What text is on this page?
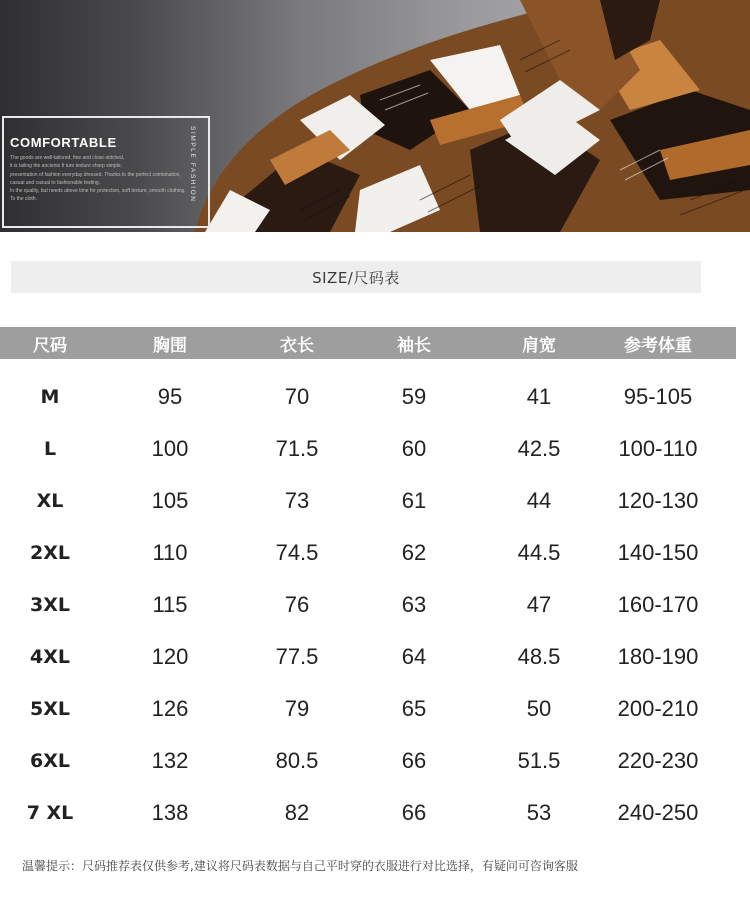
COMFORTABLE
The goods are well-tailored, fine and close-stitched,
it is tailing the ancients fi ture texture sharp simple,
presentation of fashion everyday dressed. Thanks to the perfect combination,
casual and casual to fashionable feeling.
In the quality, but needs above time for protection, soft texture, smooth clothing.
To the cloth.	SIMPLE FASHION

SIZE/尺码表
尺码	胸围	衣长	袖长	肩宽	参考体重
M	95	70	59	41	95-105
L	100	71.5	60	42.5	100-110
XL	105	73	61	44	120-130
2XL	110	74.5	62	44.5	140-150
3XL	115	76	63	47	160-170
4XL	120	77.5	64	48.5	180-190
5XL	126	79	65	50	200-210
6XL	132	80.5	66	51.5	220-230
7 XL	138	82	66	53	240-250

温馨提示：尺码推荐表仅供参考,建议将尺码表数据与自己平时穿的衣服进行对比选择，有疑问可咨询客服
